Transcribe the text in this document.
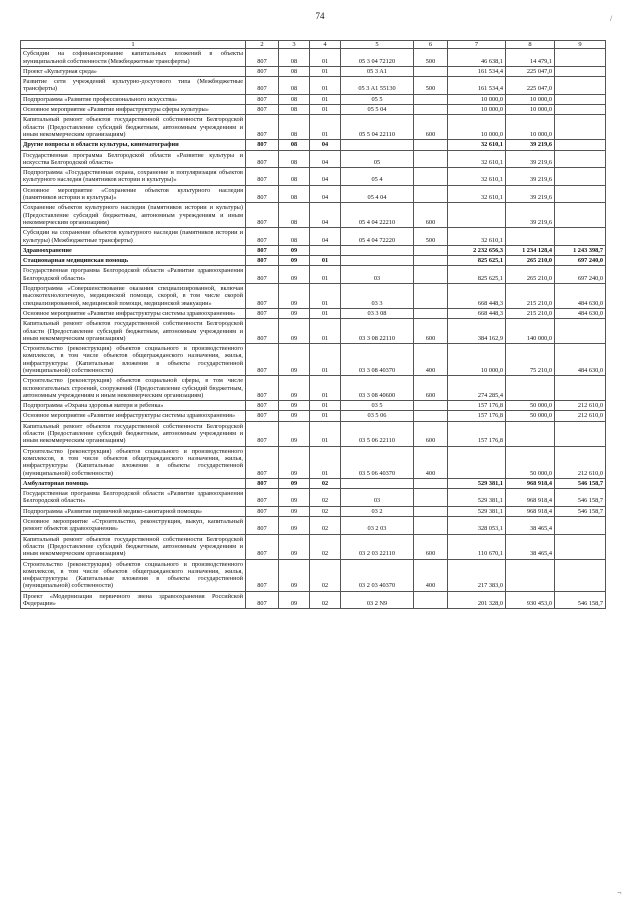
74	/
¬
1	2	3	4	5	6	7	8	9
Субсидии на софинансирование капитальных вложений в объекты муниципальной собственности (Межбюджетные трансферты)	807	08	01	05 3 04 72120	500	46 638,1	14 479,1	
Проект «Культурная среда»	807	08	01	05 3 A1		161 534,4	225 047,0	
Развитие сети учреждений культурно-досугового типа (Межбюджетные трансферты)	807	08	01	05 3 A1 55130	500	161 534,4	225 047,0	
Подпрограмма «Развитие профессионального искусства»	807	08	01	05 5		10 000,0	10 000,0	
Основное мероприятие «Развитие инфраструктуры сферы культуры»	807	08	01	05 5 04		10 000,0	10 000,0	
Капитальный ремонт объектов государственной собственности Белгородской области (Предоставление субсидий бюджетным, автономным учреждениям и иным некоммерческим организациям)	807	08	01	05 5 04 22110	600	10 000,0	10 000,0	
Другие вопросы в области культуры, кинематографии	807	08	04			32 610,1	39 219,6	
Государственная программа Белгородской области «Развитие культуры и искусства Белгородской области»	807	08	04	05		32 610,1	39 219,6	
Подпрограмма «Государственная охрана, сохранение и популяризация объектов культурного наследия (памятников истории и культуры)»	807	08	04	05 4		32 610,1	39 219,6	
Основное мероприятие «Сохранение объектов культурного наследия (памятников истории и культуры)»	807	08	04	05 4 04		32 610,1	39 219,6	
Сохранение объектов культурного наследия (памятников истории и культуры) (Предоставление субсидий бюджетным, автономным учреждениям и иным некоммерческим организациям)	807	08	04	05 4 04 22210	600		39 219,6	
Субсидии на сохранение объектов культурного наследия (памятников истории и культуры) (Межбюджетные трансферты)	807	08	04	05 4 04 72220	500	32 610,1		
Здравоохранение	807	09				2 232 656,3	1 234 128,4	1 243 398,7
Стационарная медицинская помощь	807	09	01			825 625,1	265 210,0	697 240,0
Государственная программа Белгородской области «Развитие здравоохранения Белгородской области»	807	09	01	03		825 625,1	265 210,0	697 240,0
Подпрограмма «Совершенствование оказания специализированной, включая высокотехнологичную, медицинской помощи, скорой, в том числе скорой специализированной, медицинской помощи, медицинской эвакуации»	807	09	01	03 3		668 448,3	215 210,0	484 630,0
Основное мероприятие «Развитие инфраструктуры системы здравоохранения»	807	09	01	03 3 08		668 448,3	215 210,0	484 630,0
Капитальный ремонт объектов государственной собственности Белгородской области (Предоставление субсидий бюджетным, автономным учреждениям и иным некоммерческим организациям)	807	09	01	03 3 08 22110	600	384 162,9	140 000,0	
Строительство (реконструкция) объектов социального и производственного комплексов, в том числе объектов общегражданского назначения, жилья, инфраструктуры (Капитальные вложения в объекты государственной (муниципальной) собственности)	807	09	01	03 3 08 40370	400	10 000,0	75 210,0	484 630,0
Строительство (реконструкция) объектов социальной сферы, в том числе вспомогательных строений, сооружений (Предоставление субсидий бюджетным, автономным учреждениям и иным некоммерческим организациям)	807	09	01	03 3 08 40600	600	274 285,4		
Подпрограмма «Охрана здоровья матери и ребенка»	807	09	01	03 5		157 176,8	50 000,0	212 610,0
Основное мероприятие «Развитие инфраструктуры системы здравоохранения»	807	09	01	03 5 06		157 176,8	50 000,0	212 610,0
Капитальный ремонт объектов государственной собственности Белгородской области (Предоставление субсидий бюджетным, автономным учреждениям и иным некоммерческим организациям)	807	09	01	03 5 06 22110	600	157 176,8		
Строительство (реконструкция) объектов социального и производственного комплексов, в том числе объектов общегражданского назначения, жилья, инфраструктуры (Капитальные вложения в объекты государственной (муниципальной) собственности)	807	09	01	03 5 06 40370	400		50 000,0	212 610,0
Амбулаторная помощь	807	09	02			529 381,1	968 918,4	546 158,7
Государственная программа Белгородской области «Развитие здравоохранения Белгородской области»	807	09	02	03		529 381,1	968 918,4	546 158,7
Подпрограмма «Развитие первичной медико-санитарной помощи»	807	09	02	03 2		529 381,1	968 918,4	546 158,7
Основное мероприятие «Строительство, реконструкция, выкуп, капитальный ремонт объектов здравоохранения»	807	09	02	03 2 03		328 053,1	38 465,4	
Капитальный ремонт объектов государственной собственности Белгородской области (Предоставление субсидий бюджетным, автономным учреждениям и иным некоммерческим организациям)	807	09	02	03 2 03 22110	600	110 670,1	38 465,4	
Строительство (реконструкция) объектов социального и производственного комплексов, в том числе объектов общегражданского назначения, жилья, инфраструктуры (Капитальные вложения в объекты государственной (муниципальной) собственности)	807	09	02	03 2 03 40370	400	217 383,0		
Проект «Модернизация первичного звена здравоохранения Российской Федерации»	807	09	02	03 2 N9		201 328,0	930 453,0	546 158,7
